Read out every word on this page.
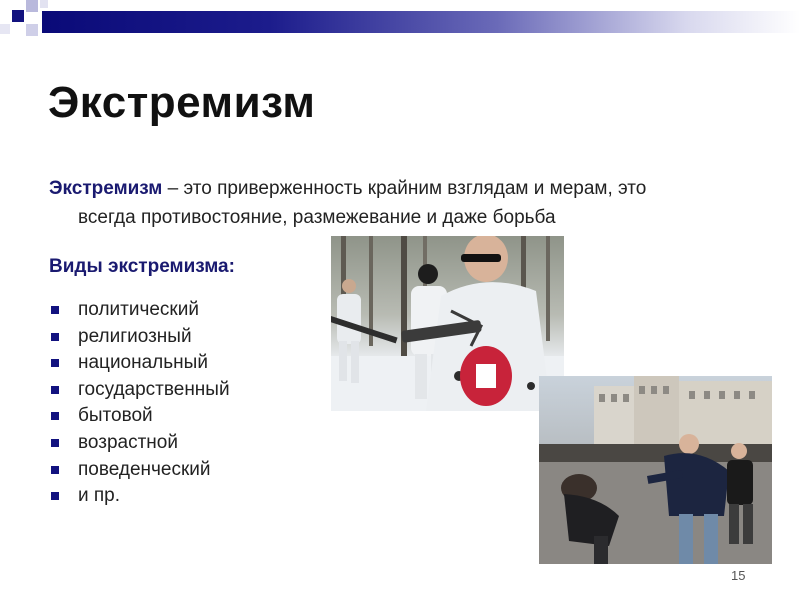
Экстремизм

Экстремизм – это приверженность крайним взглядам и мерам, это
всегда противостояние, размежевание и даже борьба

Виды экстремизма:
политический
религиозный
национальный
государственный
бытовой
возрастной
поведенческий
и пр.
15
